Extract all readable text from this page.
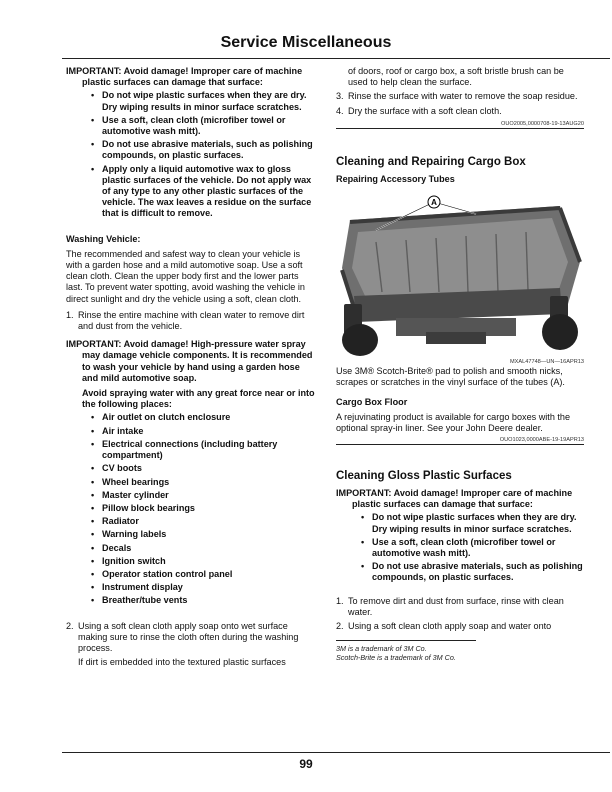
Service Miscellaneous

IMPORTANT: Avoid damage! Improper care of machine plastic surfaces can damage that surface:

• Do not wipe plastic surfaces when they are dry. Dry wiping results in minor surface scratches.
• Use a soft, clean cloth (microfiber towel or automotive wash mitt).
• Do not use abrasive materials, such as polishing compounds, on plastic surfaces.
• Apply only a liquid automotive wax to gloss plastic surfaces of the vehicle. Do not apply wax of any type to any other plastic surfaces of the vehicle. The wax leaves a residue on the surface that is difficult to remove.

Washing Vehicle:

The recommended and safest way to clean your vehicle is with a garden hose and a mild automotive soap. Use a soft clean cloth. Clean the upper body first and the lower parts last. To prevent water spotting, avoid washing the vehicle in direct sunlight and dry the vehicle using a soft, clean cloth.

1. Rinse the entire machine with clean water to remove dirt and dust from the vehicle.

IMPORTANT: Avoid damage! High-pressure water spray may damage vehicle components. It is recommended to wash your vehicle by hand using a garden hose and mild automotive soap.

Avoid spraying water with any great force near or into the following places:

• Air outlet on clutch enclosure
• Air intake
• Electrical connections (including battery compartment)
• CV boots
• Wheel bearings
• Master cylinder
• Pillow block bearings
• Radiator
• Warning labels
• Decals
• Ignition switch
• Operator station control panel
• Instrument display
• Breather/tube vents
2. Using a soft clean cloth apply soap onto wet surface making sure to rinse the cloth often during the washing process.

If dirt is embedded into the textured plastic surfaces

of doors, roof or cargo box, a soft bristle brush can be used to help clean the surface.

3. Rinse the surface with water to remove the soap residue.
4. Dry the surface with a soft clean cloth.
OUO2005,0000708-19-13AUG20

Cleaning and Repairing Cargo Box

Repairing Accessory Tubes

A
MXAL47748—UN—16APR13

Use 3M® Scotch-Brite® pad to polish and smooth nicks, scrapes or scratches in the vinyl surface of the tubes (A).

Cargo Box Floor

A rejuvinating product is available for cargo boxes with the optional spray-in liner. See your John Deere dealer.

OUO1023,0000ABE-19-19APR13

Cleaning Gloss Plastic Surfaces

IMPORTANT: Avoid damage! Improper care of machine plastic surfaces can damage that surface:

• Do not wipe plastic surfaces when they are dry. Dry wiping results in minor surface scratches.
• Use a soft, clean cloth (microfiber towel or automotive wash mitt).
• Do not use abrasive materials, such as polishing compounds, on plastic surfaces.
1. To remove dirt and dust from surface, rinse with clean water.
2. Using a soft clean cloth apply soap and water onto

3M is a trademark of 3M Co.

Scotch-Brite is a trademark of 3M Co.

99
